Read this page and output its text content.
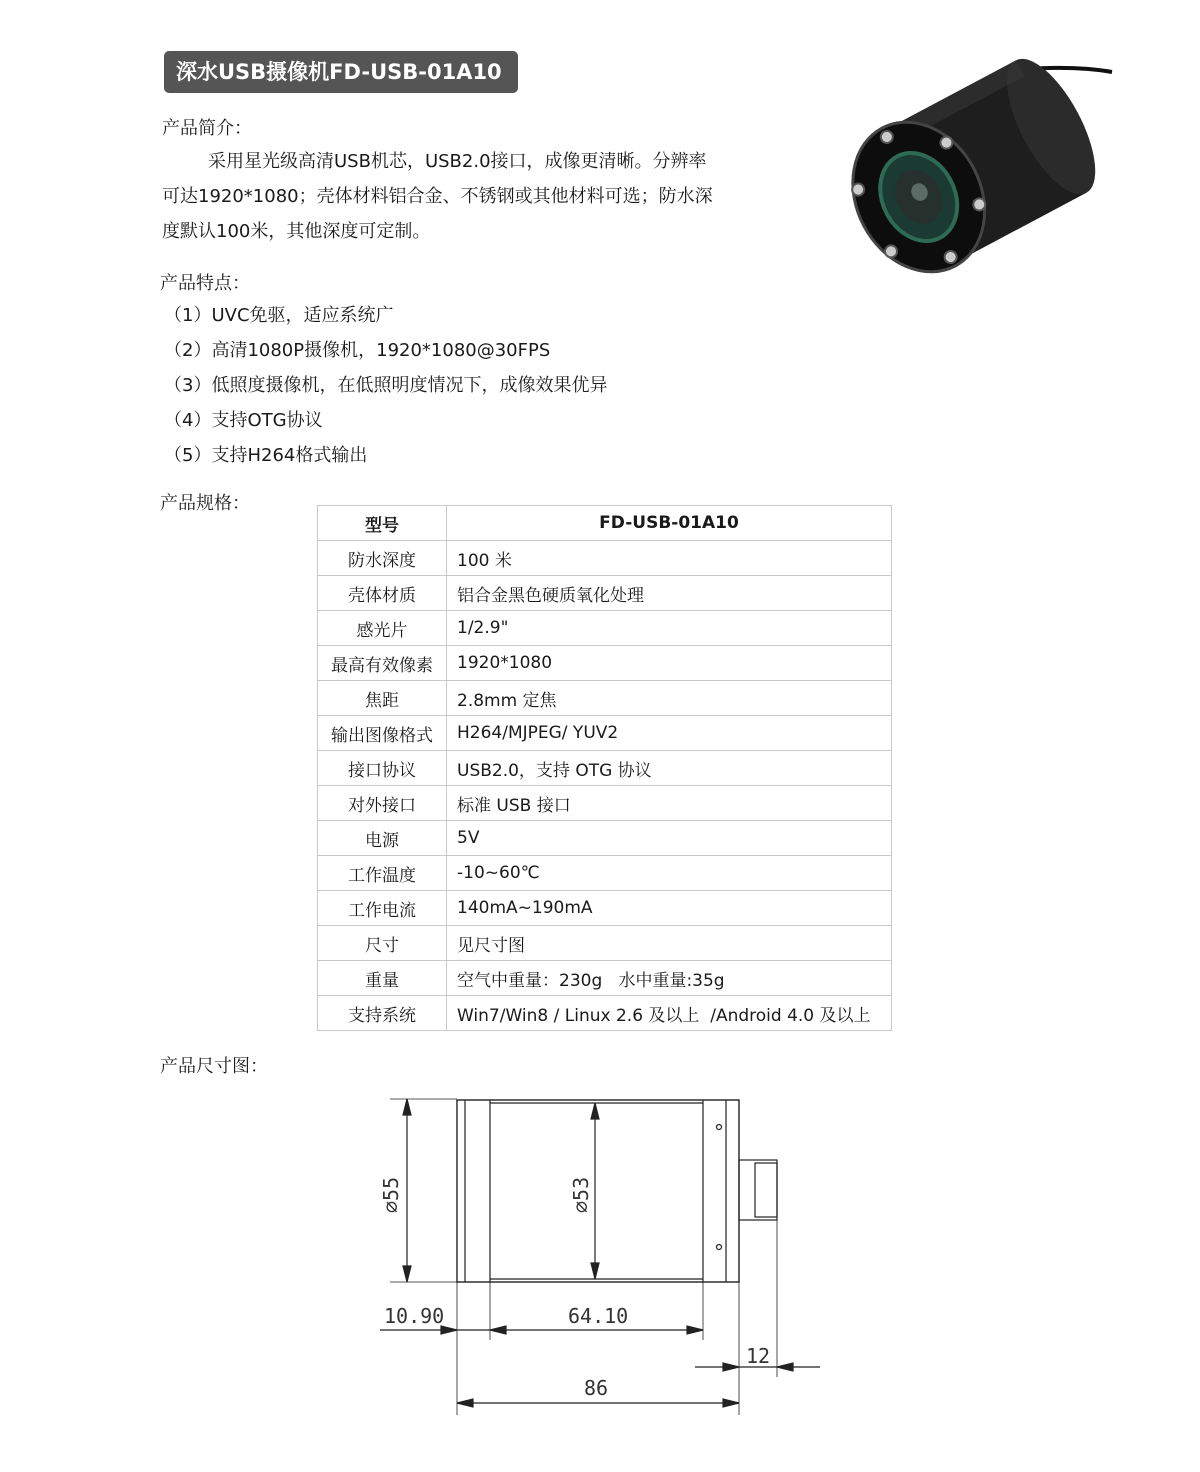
深水USB摄像机FD-USB-01A10
产品简介：
采用星光级高清USB机芯，USB2.0接口，成像更清晰。分辨率可达1920*1080；壳体材料铝合金、不锈钢或其他材料可选；防水深度默认100米，其他深度可定制。
产品特点：
（1）UVC免驱，适应系统广
（2）高清1080P摄像机，1920*1080@30FPS
（3）低照度摄像机，在低照明度情况下，成像效果优异
（4）支持OTG协议
（5）支持H264格式输出
产品规格：
型号	FD-USB-01A10
防水深度	100 米
壳体材质	铝合金黑色硬质氧化处理
感光片	1/2.9"
最高有效像素	1920*1080
焦距	2.8mm 定焦
输出图像格式	H264/MJPEG/ YUV2
接口协议	USB2.0，支持 OTG 协议
对外接口	标准 USB 接口
电源	5V
工作温度	-10~60℃
工作电流	140mA~190mA
尺寸	见尺寸图
重量	空气中重量：230g   水中重量:35g
支持系统	Win7/Win8 / Linux 2.6 及以上  /Android 4.0 及以上
产品尺寸图：
∅55	∅53
10.90	64.10
12
86
